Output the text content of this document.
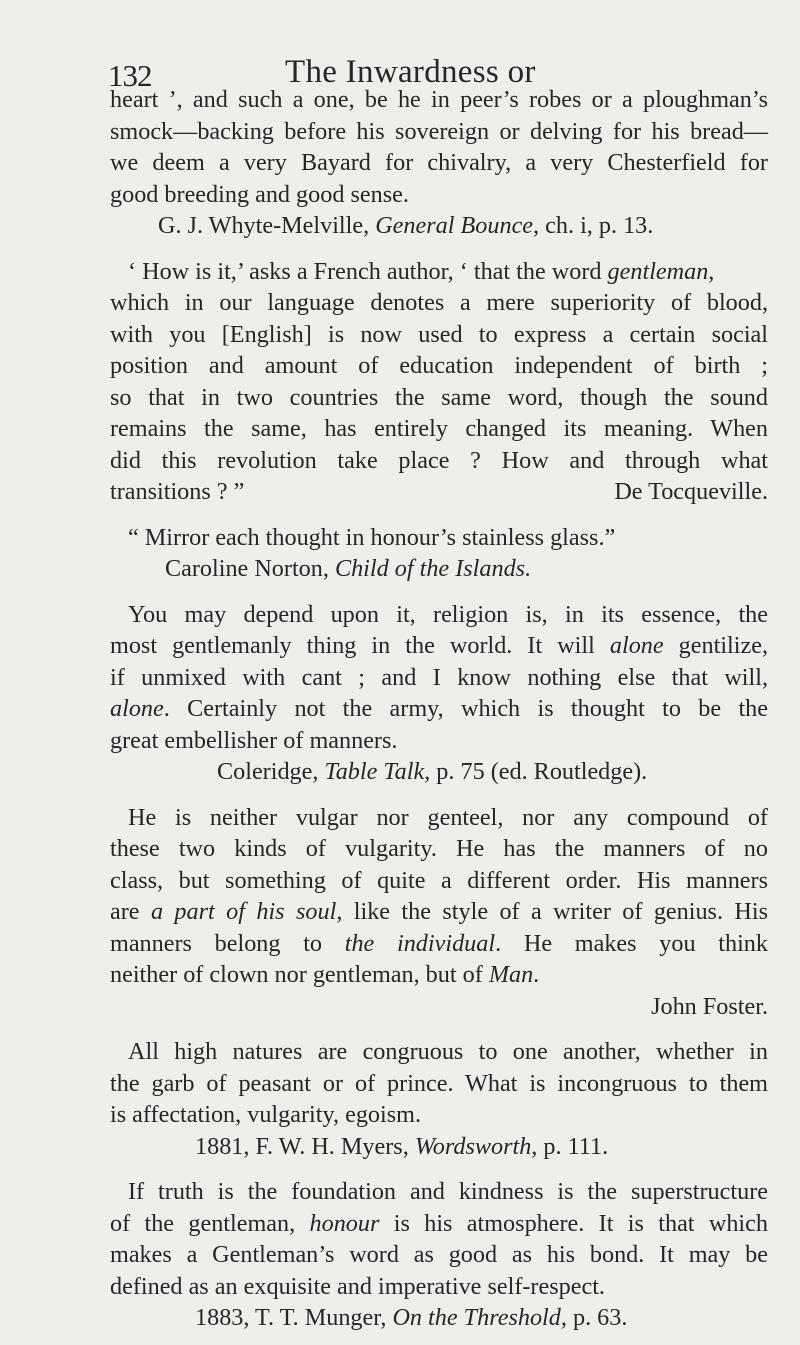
132	The Inwardness or
heart ’, and such a one, be he in peer’s robes or a ploughman’s
smock—backing before his sovereign or delving for his bread—
we deem a very Bayard for chivalry, a very Chesterfield for
good breeding and good sense.
G. J. Whyte-Melville, General Bounce, ch. i, p. 13.
‘ How is it,’ asks a French author, ‘ that the word gentleman,
which in our language denotes a mere superiority of blood,
with you [English] is now used to express a certain social
position and amount of education independent of birth ;
so that in two countries the same word, though the sound
remains the same, has entirely changed its meaning. When
did this revolution take place ? How and through what
transitions ? ”	De Tocqueville.
“ Mirror each thought in honour’s stainless glass.”
Caroline Norton, Child of the Islands.
You may depend upon it, religion is, in its essence, the
most gentlemanly thing in the world. It will alone gentilize,
if unmixed with cant ; and I know nothing else that will,
alone. Certainly not the army, which is thought to be the
great embellisher of manners.
Coleridge, Table Talk, p. 75 (ed. Routledge).
He is neither vulgar nor genteel, nor any compound of
these two kinds of vulgarity. He has the manners of no
class, but something of quite a different order. His manners
are a part of his soul, like the style of a writer of genius. His
manners belong to the individual. He makes you think
neither of clown nor gentleman, but of Man.
John Foster.
All high natures are congruous to one another, whether in
the garb of peasant or of prince. What is incongruous to them
is affectation, vulgarity, egoism.
1881, F. W. H. Myers, Wordsworth, p. 111.
If truth is the foundation and kindness is the superstructure
of the gentleman, honour is his atmosphere. It is that which
makes a Gentleman’s word as good as his bond. It may be
defined as an exquisite and imperative self-respect.
1883, T. T. Munger, On the Threshold, p. 63.
